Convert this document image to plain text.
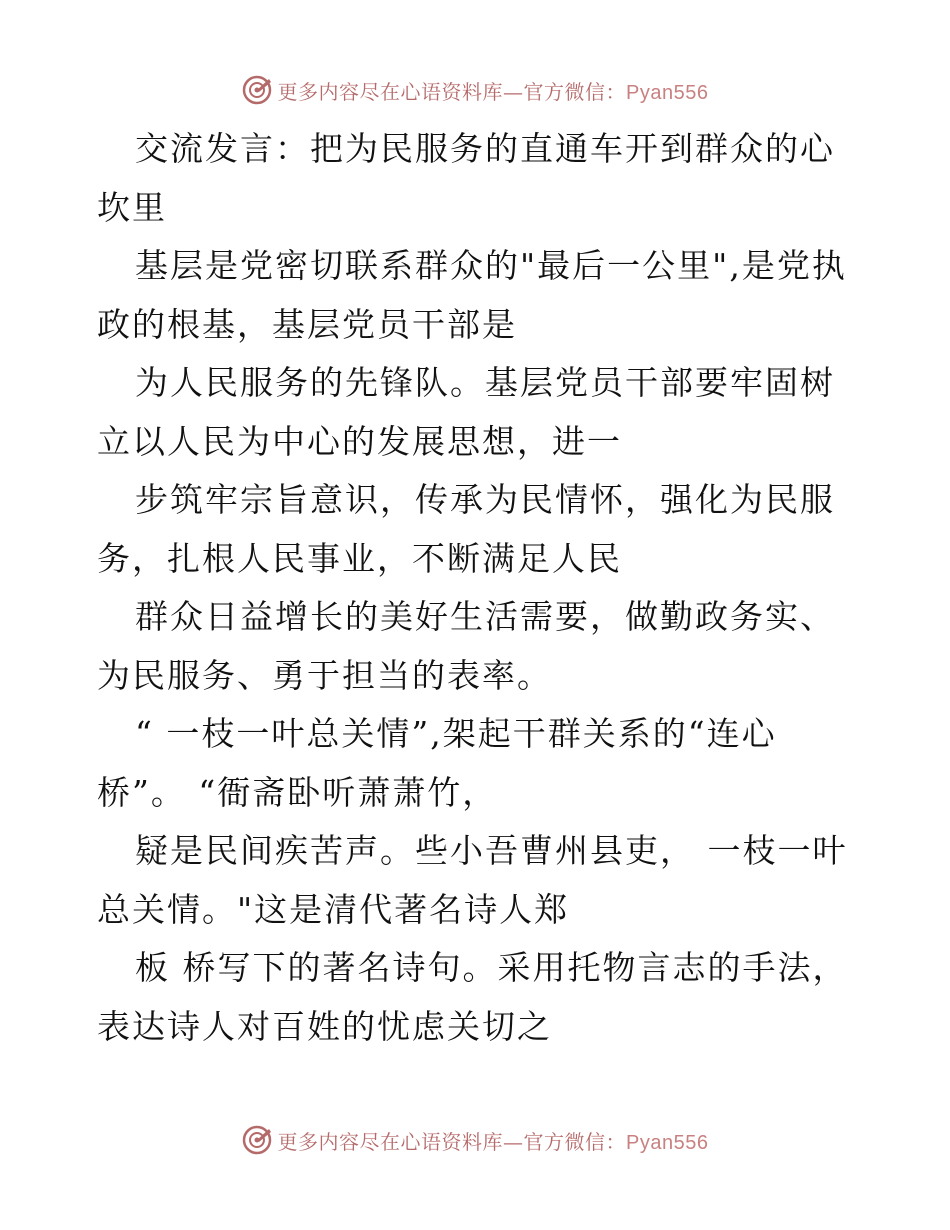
更多内容尽在心语资料库—官方微信：Pyan556

交流发言：把为民服务的直通车开到群众的心坎里

基层是党密切联系群众的"最后一公里",是党执政的根基，基层党员干部是

为人民服务的先锋队。基层党员干部要牢固树立以人民为中心的发展思想，进一

步筑牢宗旨意识，传承为民情怀，强化为民服务，扎根人民事业，不断满足人民

群众日益增长的美好生活需要，做勤政务实、为民服务、勇于担当的表率。

“ 一枝一叶总关情”,架起干群关系的“连心桥”。 “衙斋卧听萧萧竹，

疑是民间疾苦声。些小吾曹州县吏， 一枝一叶总关情。"这是清代著名诗人郑

板 桥写下的著名诗句。采用托物言志的手法，表达诗人对百姓的忧虑关切之

更多内容尽在心语资料库—官方微信：Pyan556
